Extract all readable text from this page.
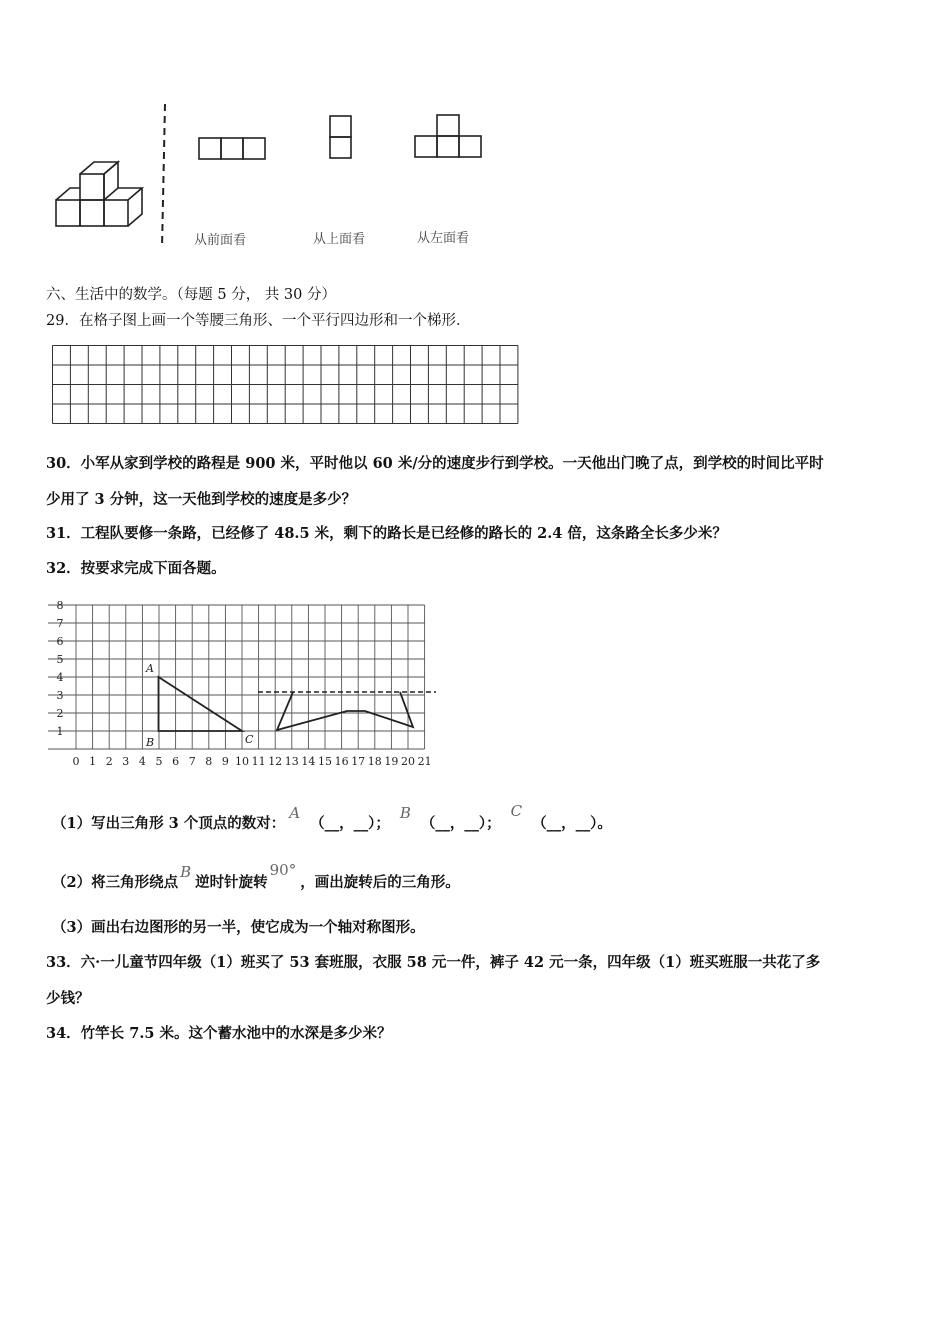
从前面看	从上面看	从左面看
六、生活中的数学。（每题 5 分， 共 30 分）
29．在格子图上画一个等腰三角形、一个平行四边形和一个梯形．
30．小军从家到学校的路程是 900 米，平时他以 60 米/分的速度步行到学校。一天他出门晚了点，到学校的时间比平时
少用了 3 分钟，这一天他到学校的速度是多少？
31．工程队要修一条路，已经修了 48.5 米，剩下的路长是已经修的路长的 2.4 倍，这条路全长多少米？
32．按要求完成下面各题。
0 1 2 3 4 5 6 7 8 9 10 11 12 13 14 15 16 17 18 19 20 21
1
2
3
4
5
6
7
8
A
B	C
（1）写出三角形 3 个顶点的数对：A（__，__）；B（__，__）；C（__，__）。
（2）将三角形绕点B逆时针旋转90°，画出旋转后的三角形。
（3）画出右边图形的另一半，使它成为一个轴对称图形。
33．六·一儿童节四年级（1）班买了 53 套班服，衣服 58 元一件，裤子 42 元一条，四年级（1）班买班服一共花了多
少钱？
34．竹竿长 7.5 米。这个蓄水池中的水深是多少米？
